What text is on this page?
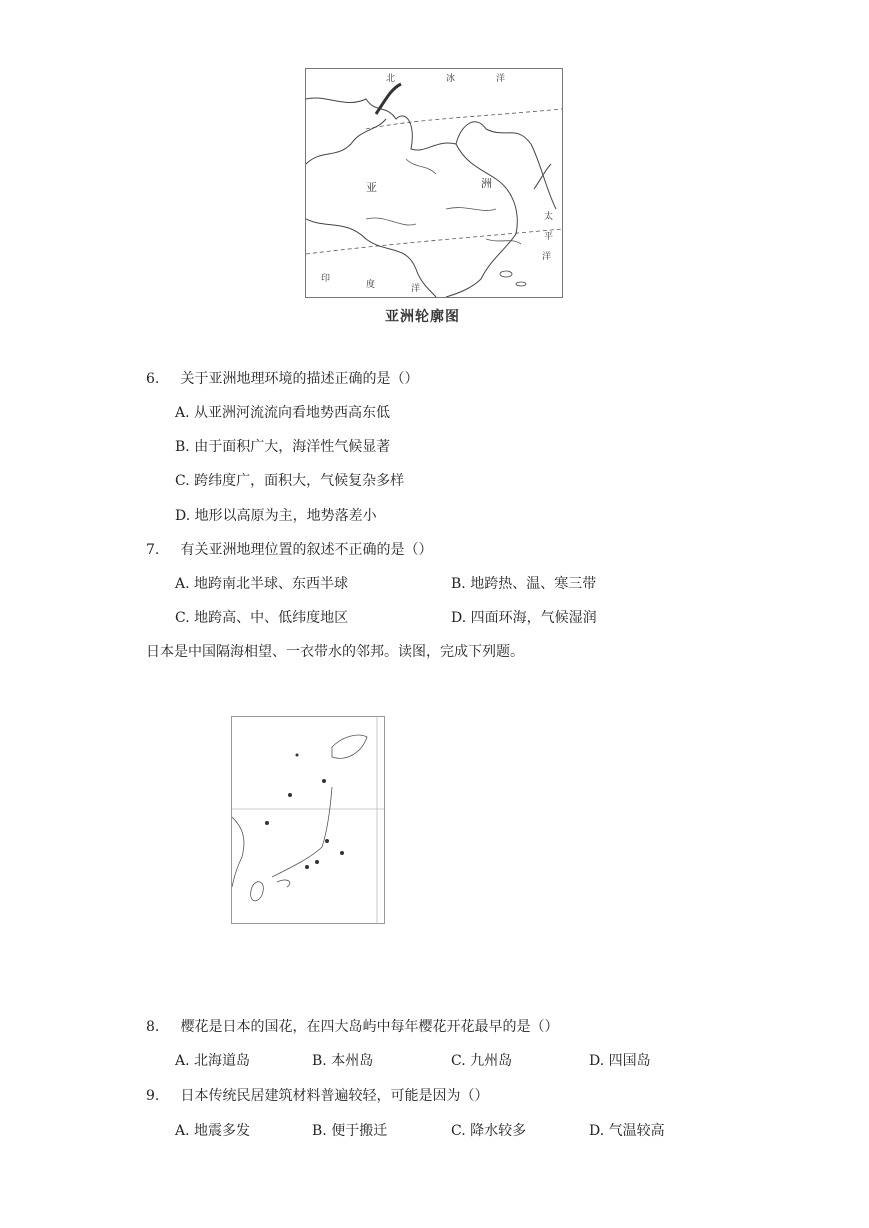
北	冰	洋
亚	洲
太
平
洋
印
度	洋
亚洲轮廓图
6. 关于亚洲地理环境的描述正确的是（）
A. 从亚洲河流流向看地势西高东低
B. 由于面积广大，海洋性气候显著
C. 跨纬度广，面积大，气候复杂多样
D. 地形以高原为主，地势落差小
7. 有关亚洲地理位置的叙述不正确的是（）
A. 地跨南北半球、东西半球	B. 地跨热、温、寒三带
C. 地跨高、中、低纬度地区	D. 四面环海，气候湿润
日本是中国隔海相望、一衣带水的邻邦。读图，完成下列题。
8. 樱花是日本的国花，在四大岛屿中每年樱花开花最早的是（）
A. 北海道岛	B. 本州岛	C. 九州岛	D. 四国岛
9. 日本传统民居建筑材料普遍较轻，可能是因为（）
A. 地震多发	B. 便于搬迁	C. 降水较多	D. 气温较高
